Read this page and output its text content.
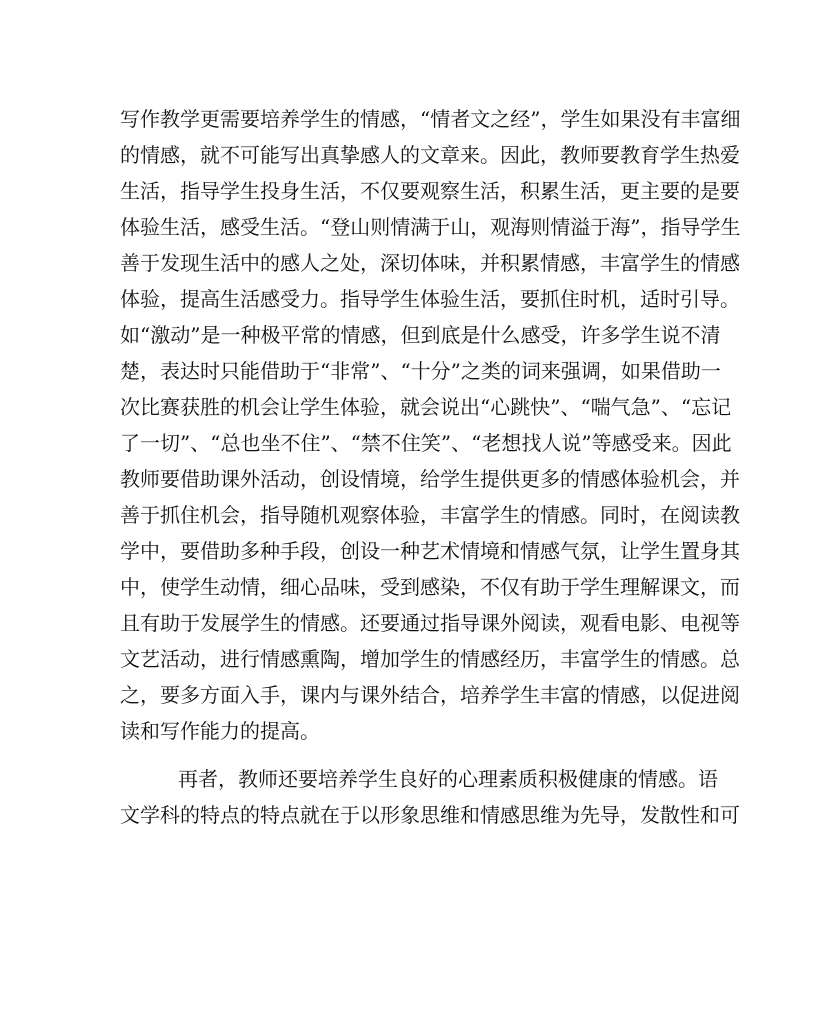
写作教学更需要培养学生的情感，“情者文之经”，学生如果没有丰富细
的情感，就不可能写出真挚感人的文章来。因此，教师要教育学生热爱
生活，指导学生投身生活，不仅要观察生活，积累生活，更主要的是要
体验生活，感受生活。“登山则情满于山，观海则情溢于海”，指导学生
善于发现生活中的感人之处，深切体味，并积累情感，丰富学生的情感
体验，提高生活感受力。指导学生体验生活，要抓住时机，适时引导。
如“激动”是一种极平常的情感，但到底是什么感受，许多学生说不清
楚，表达时只能借助于“非常”、“十分”之类的词来强调，如果借助一
次比赛获胜的机会让学生体验，就会说出“心跳快”、“喘气急”、“忘记
了一切”、“总也坐不住”、“禁不住笑”、“老想找人说”等感受来。因此
教师要借助课外活动，创设情境，给学生提供更多的情感体验机会，并
善于抓住机会，指导随机观察体验，丰富学生的情感。同时，在阅读教
学中，要借助多种手段，创设一种艺术情境和情感气氛，让学生置身其
中，使学生动情，细心品味，受到感染，不仅有助于学生理解课文，而
且有助于发展学生的情感。还要通过指导课外阅读，观看电影、电视等
文艺活动，进行情感熏陶，增加学生的情感经历，丰富学生的情感。总
之，要多方面入手，课内与课外结合，培养学生丰富的情感，以促进阅
读和写作能力的提高。
再者，教师还要培养学生良好的心理素质积极健康的情感。语
文学科的特点的特点就在于以形象思维和情感思维为先导，发散性和可
